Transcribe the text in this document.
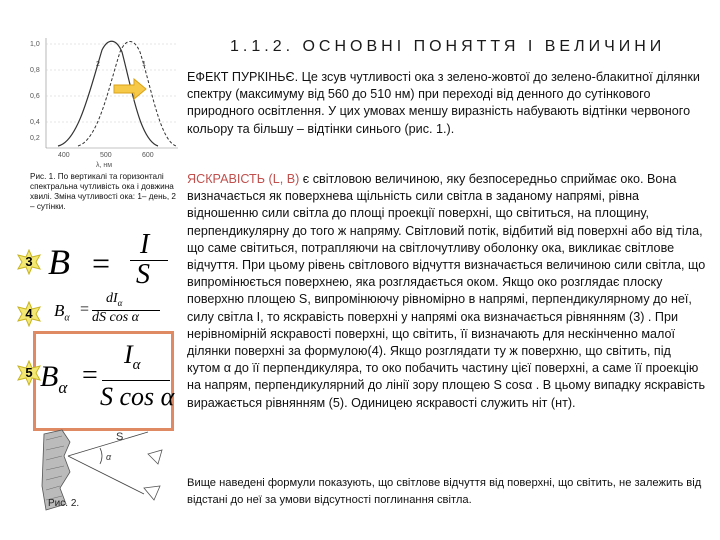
1.1.2. ОСНОВНІ ПОНЯТТЯ І ВЕЛИЧИНИ
1,0
0,8
0,6
0,4
0,2
400	500	600
λ, нм
2	1
Рис. 1. По вертикалі та горизонталі спектральна чутливість ока і довжина хвилі. Зміна чутливості ока: 1– день, 2 – сутінки.
ЕФЕКТ ПУРКІНЬЄ. Це зсув чутливості ока з зелено-жовтої до зелено-блакитної ділянки спектру (максимуму від 560 до 510 нм) при переході від денного до сутінкового природного освітлення. У цих умовах меншу виразність набувають відтінки червоного кольору та більшу – відтінки синього (рис. 1.).
ЯСКРАВІСТЬ (L, B) є світловою величиною, яку безпосередньо сприймає око. Вона визначається як поверхнева щільність сили світла в заданому напрямі, рівна відношенню сили світла до площі проекції поверхні, що світиться, на площину, перпендикулярну до того ж напряму. Світловий потік, відбитий від поверхні або від тіла, що саме світиться, потрапляючи на світлочутливу оболонку ока, викликає світлове відчуття. При цьому рівень світлового відчуття визначається величиною сили світла, що випромінюється поверхнею, яка розглядається оком. Якщо око розглядає плоску поверхню площею S, випромінюючу рівномірно в напрямі, перпендикулярному до неї, силу світла I, то яскравість поверхні у напрямі ока визначається рівнянням (3) . При нерівномірній яскравості поверхні, що світить, її визначають для нескінченно малої ділянки поверхні за формулою(4). Якщо розглядати ту ж поверхню, що світить, під кутом α до її перпендикуляра, то око побачить частину цієї поверхні, а саме її проекцію на напрям, перпендикулярний до лінії зору площею S cosα . В цьому випадку яскравість виражається рівнянням (5). Одиницею яскравості служить ніт (нт).
Вище наведені формули показують, що світлове відчуття від поверхні, що світить, не залежить від відстані до неї за умови відсутності поглинання світла.
3 B =
I
S
4	$B_\alpha$ =
$dI_\alpha$
dS cos α
5 $B_\alpha$ =
$I_\alpha$
S cos α
α
S
Рис. 2.
